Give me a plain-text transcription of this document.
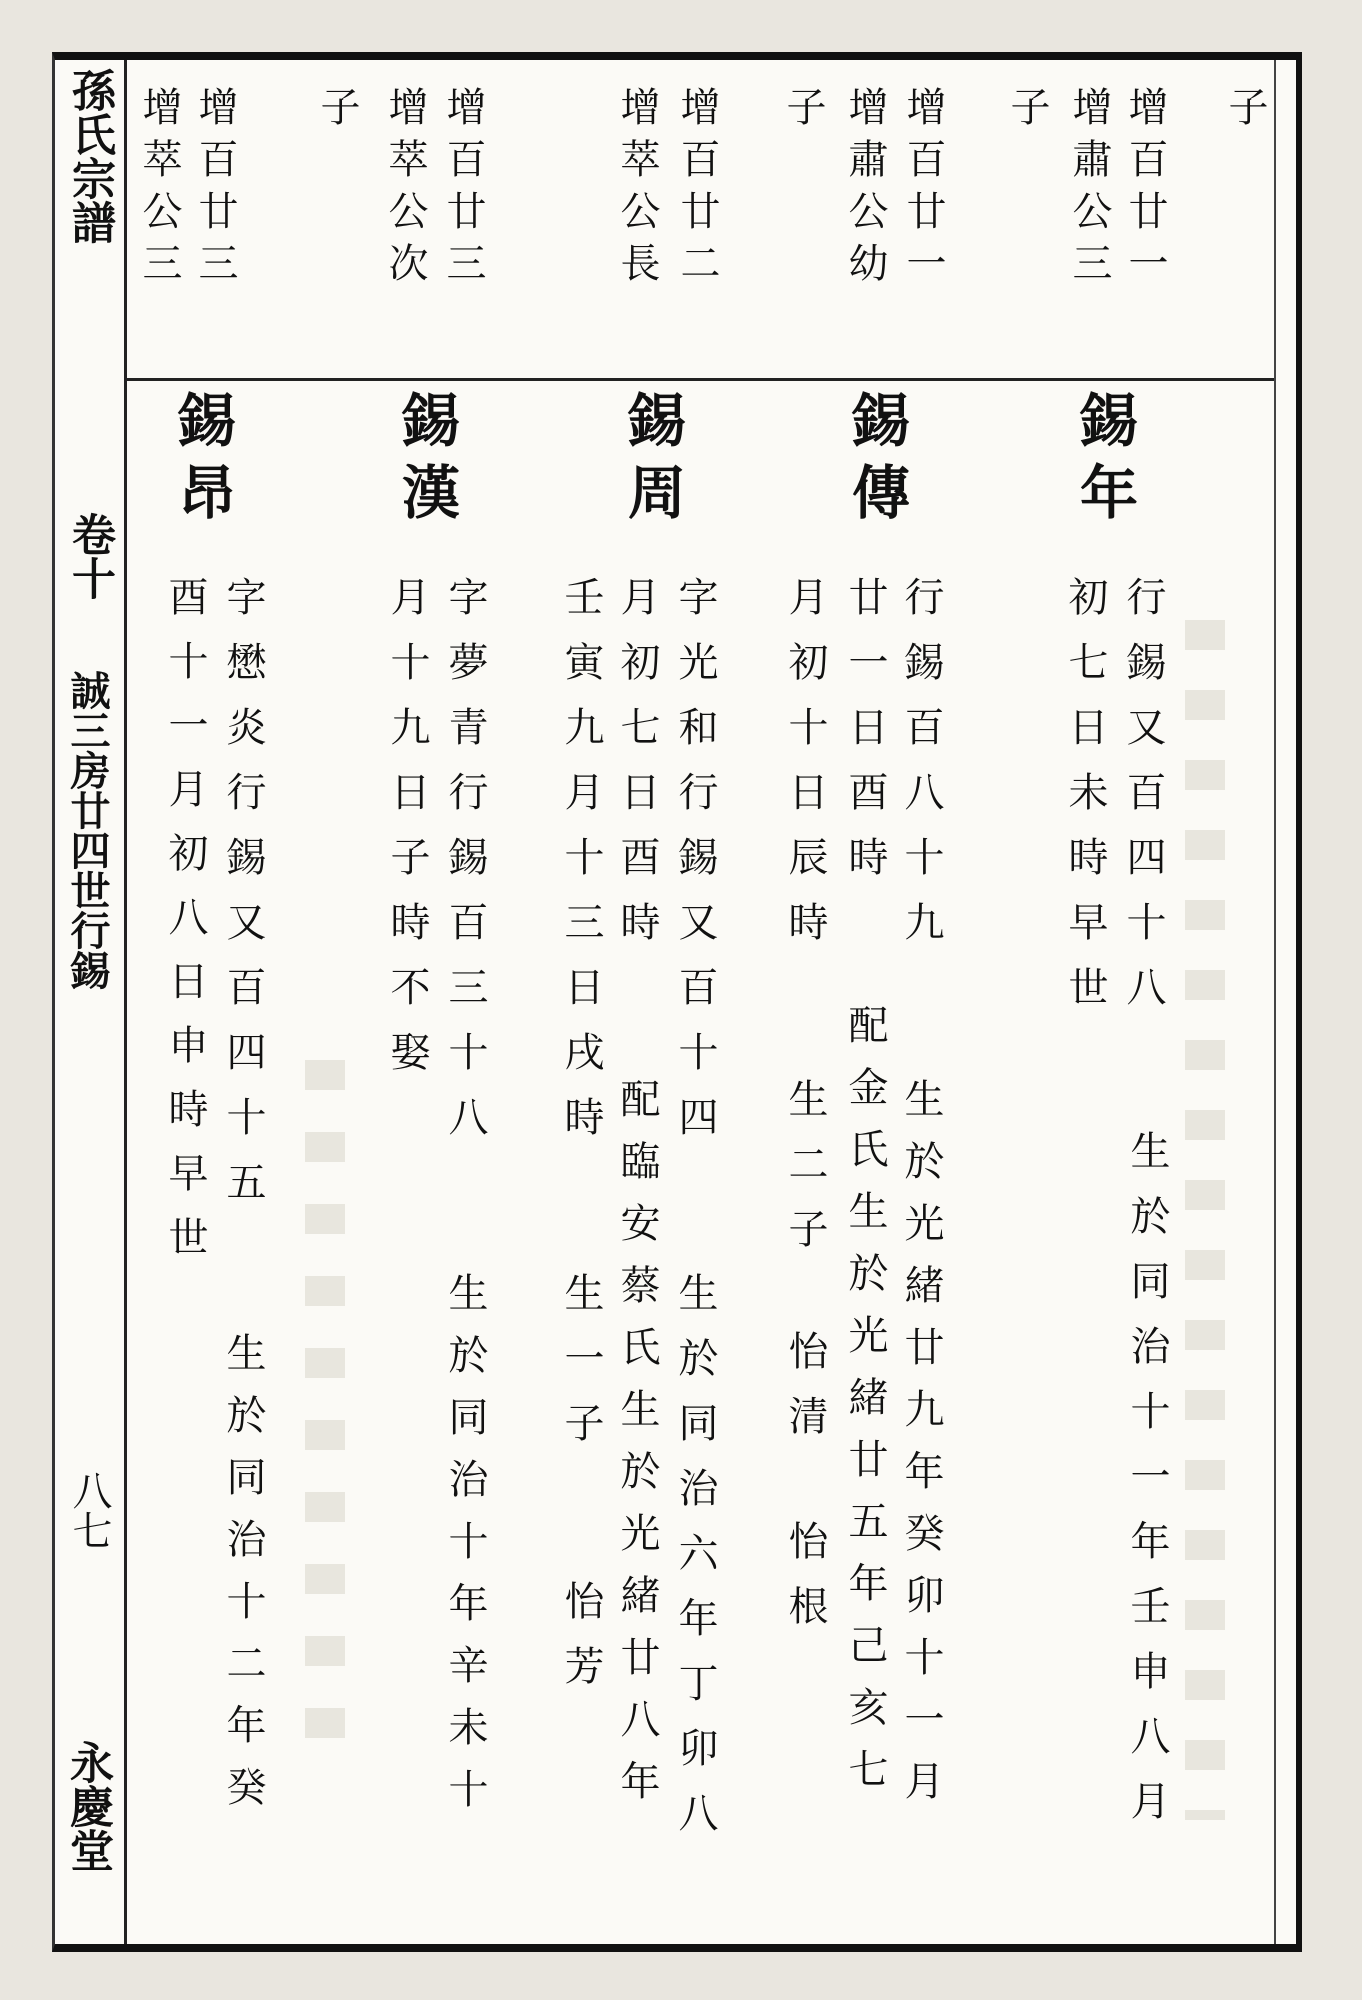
孫氏宗譜
卷十
誠三房廿四世行錫
八七
永慶堂
子
增百廿一
增肅公三
子
增百廿一
增肅公幼
子
增百廿二
增萃公長
子 增百廿三
增萃公次
增百廿三
增萃公三
錫年
行錫又百四十八
初七日未時早世
生於同治十一年壬申八月
錫傳
行錫百八十九
生於光緒廿九年癸卯十一月
廿一日酉時
配金氏生於光緒廿五年己亥七
月初十日辰時
生二子
怡清
怡根
錫周
字光和行錫又百十四
生於同治六年丁卯八
月初七日酉時
配臨安蔡氏生於光緒廿八年
壬寅九月十三日戌時
生一子
怡芳
錫漢
字夢青行錫百三十八
生於同治十年辛未十
月十九日子時不娶
錫昂
字懋炎行錫又百四十五
生於同治十二年癸
酉十一月初八日申時早世
